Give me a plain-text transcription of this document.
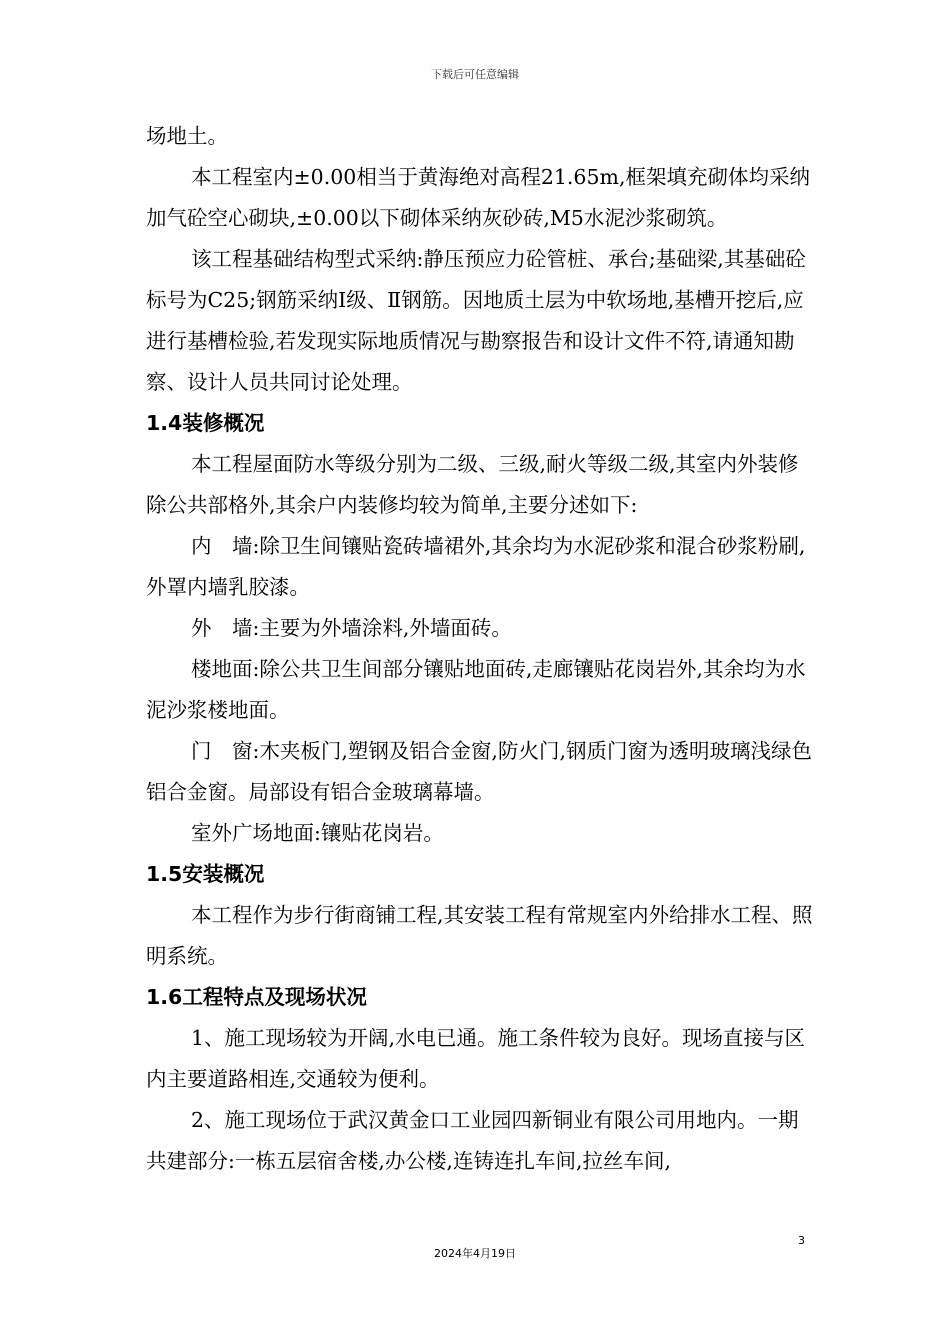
下载后可任意编辑

场地土。

本工程室内±0.00相当于黄海绝对高程21.65m,框架填充砌体均采纳加气砼空心砌块,±0.00以下砌体采纳灰砂砖,M5水泥沙浆砌筑。

该工程基础结构型式采纳:静压预应力砼管桩、承台;基础梁,其基础砼标号为C25;钢筋采纳Ⅰ级、Ⅱ钢筋。因地质土层为中软场地,基槽开挖后,应进行基槽检验,若发现实际地质情况与勘察报告和设计文件不符,请通知勘察、设计人员共同讨论处理。

1.4装修概况

本工程屋面防水等级分别为二级、三级,耐火等级二级,其室内外装修除公共部格外,其余户内装修均较为简单,主要分述如下:

内　墙:除卫生间镶贴瓷砖墙裙外,其余均为水泥砂浆和混合砂浆粉刷,外罩内墙乳胶漆。

外　墙:主要为外墙涂料,外墙面砖。

楼地面:除公共卫生间部分镶贴地面砖,走廊镶贴花岗岩外,其余均为水泥沙浆楼地面。

门　窗:木夹板门,塑钢及铝合金窗,防火门,钢质门窗为透明玻璃浅绿色铝合金窗。局部设有铝合金玻璃幕墙。

室外广场地面:镶贴花岗岩。

1.5安装概况

本工程作为步行街商铺工程,其安装工程有常规室内外给排水工程、照明系统。

1.6工程特点及现场状况

1、施工现场较为开阔,水电已通。施工条件较为良好。现场直接与区内主要道路相连,交通较为便利。

2、施工现场位于武汉黄金口工业园四新铜业有限公司用地内。一期共建部分:一栋五层宿舍楼,办公楼,连铸连扎车间,拉丝车间,

3
2024年4月19日
